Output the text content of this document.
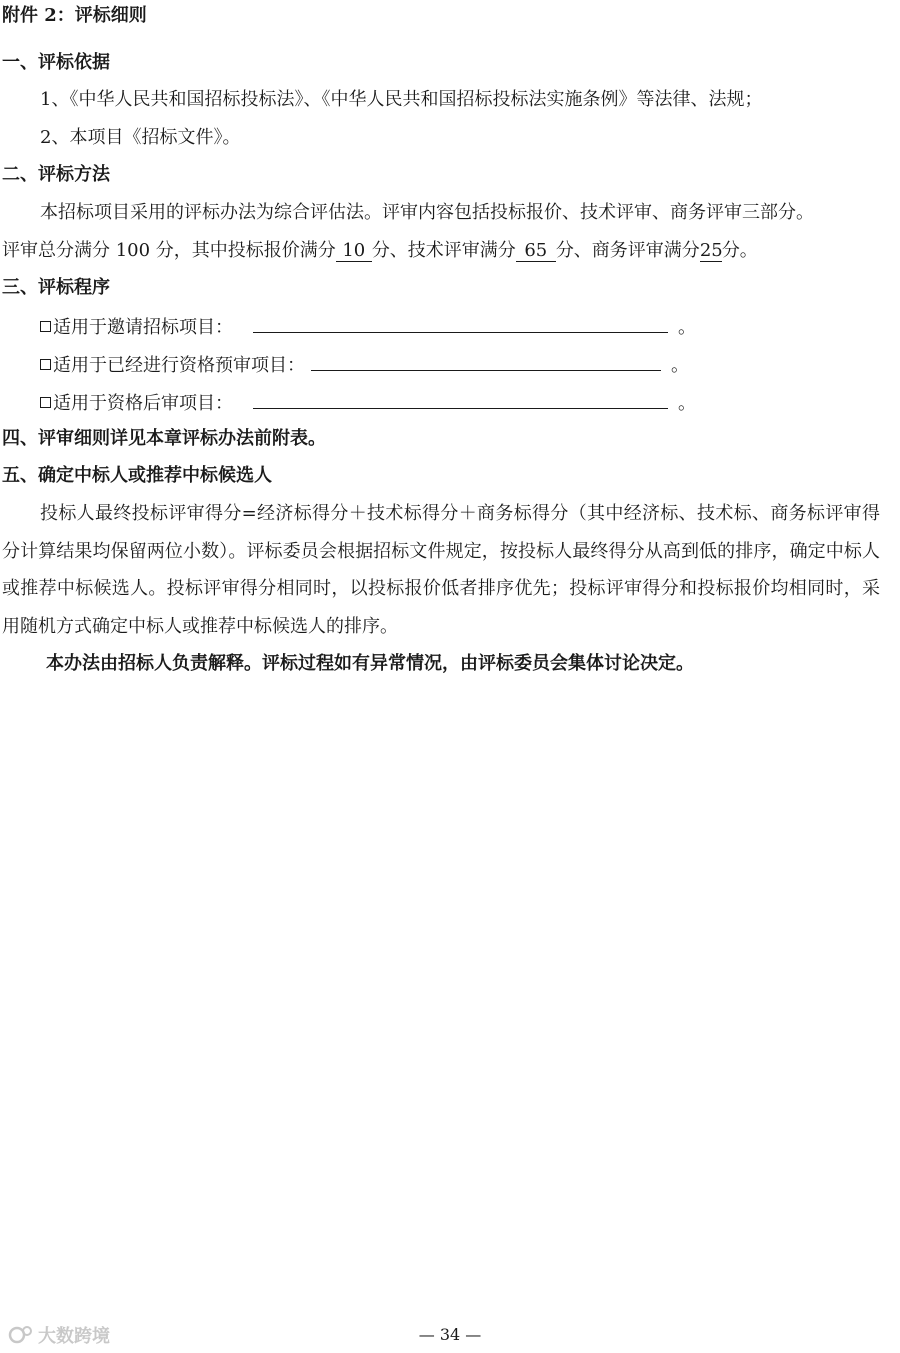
附件 2：评标细则

一、评标依据

1、《中华人民共和国招标投标法》、《中华人民共和国招标投标法实施条例》等法律、法规；

2、本项目《招标文件》。

二、评标方法

本招标项目采用的评标办法为综合评估法。评审内容包括投标报价、技术评审、商务评审三部分。

评审总分满分 100 分，其中投标报价满分 10 分、技术评审满分 65 分、商务评审满分25分。

三、评标程序

适用于邀请招标项目：	。

适用于已经进行资格预审项目：	。

适用于资格后审项目：	。

四、评审细则详见本章评标办法前附表。

五、确定中标人或推荐中标候选人

投标人最终投标评审得分=经济标得分＋技术标得分＋商务标得分（其中经济标、技术标、商务标评审得分计算结果均保留两位小数）。评标委员会根据招标文件规定，按投标人最终得分从高到低的排序，确定中标人或推荐中标候选人。投标评审得分相同时，以投标报价低者排序优先；投标评审得分和投标报价均相同时，采用随机方式确定中标人或推荐中标候选人的排序。

本办法由招标人负责解释。评标过程如有异常情况，由评标委员会集体讨论决定。

大数跨境	— 34 —
